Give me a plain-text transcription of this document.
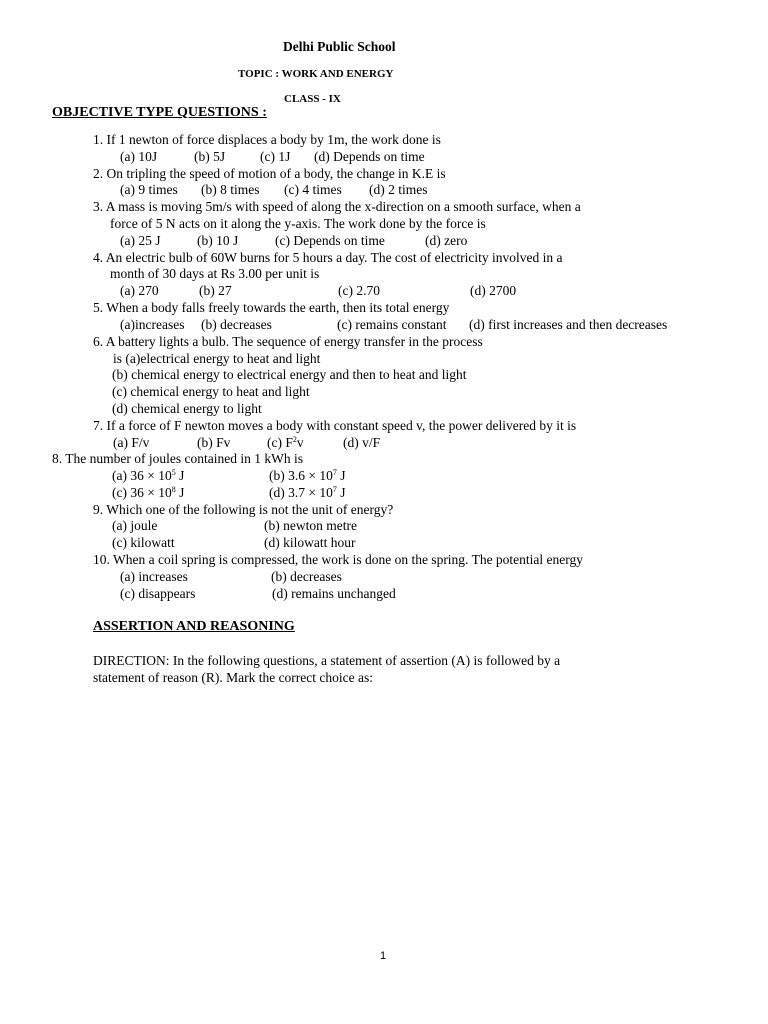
Delhi Public School
TOPIC : WORK AND ENERGY
CLASS - IX
OBJECTIVE TYPE QUESTIONS :
1. If 1 newton of force displaces a body by 1m, the work done is
(a) 10J	(b) 5J	(c) 1J (d) Depends on time
2. On tripling the speed of motion of a body, the change in K.E is
(a) 9 times (b) 8 times (c) 4 times (d) 2 times
3. A mass is moving 5m/s with speed of along the x-direction on a smooth surface, when a
force of 5 N acts on it along the y-axis. The work done by the force is
(a) 25 J	(b) 10 J	(c) Depends on time	(d) zero
4. An electric bulb of 60W burns for 5 hours a day. The cost of electricity involved in a
month of 30 days at Rs 3.00 per unit is
(a) 270	(b) 27	(c) 2.70	(d) 2700
5. When a body falls freely towards the earth, then its total energy
(a)increases (b) decreases	(c) remains constant (d) first increases and then decreases
6. A battery lights a bulb. The sequence of energy transfer in the process
is (a)electrical energy to heat and light
(b) chemical energy to electrical energy and then to heat and light
(c) chemical energy to heat and light
(d) chemical energy to light
7. If a force of F newton moves a body with constant speed v, the power delivered by it is
(a) F/v	(b) Fv	(c) $F^2v$	(d) v/F
8. The number of joules contained in 1 kWh is
(a) $36 \times 10^5$ J	(b) $3.6 \times 10^7$ J
(c) $36 \times 10^8$ J	(d) $3.7 \times 10^7$ J
9. Which one of the following is not the unit of energy?
(a) joule	(b) newton metre
(c) kilowatt	(d) kilowatt hour
10. When a coil spring is compressed, the work is done on the spring. The potential energy
(a) increases	(b) decreases
(c) disappears	(d) remains unchanged
ASSERTION AND REASONING
DIRECTION: In the following questions, a statement of assertion (A) is followed by a
statement of reason (R). Mark the correct choice as:
1
